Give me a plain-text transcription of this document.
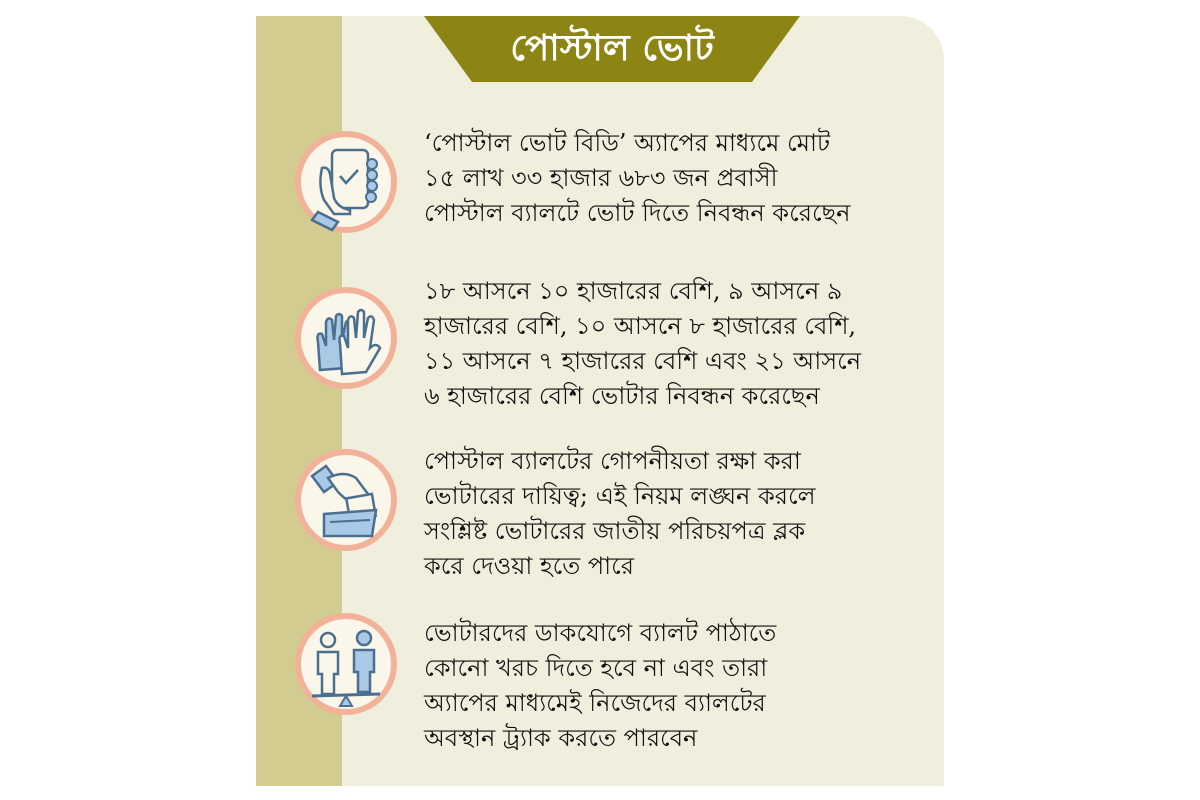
পোস্টাল ভোট
‘পোস্টাল ভোট বিডি’ অ্যাপের মাধ্যমে মোট
১৫ লাখ ৩৩ হাজার ৬৮৩ জন প্রবাসী
পোস্টাল ব্যালটে ভোট দিতে নিবন্ধন করেছেন
১৮ আসনে ১০ হাজারের বেশি, ৯ আসনে ৯
হাজারের বেশি, ১০ আসনে ৮ হাজারের বেশি,
১১ আসনে ৭ হাজারের বেশি এবং ২১ আসনে
৬ হাজারের বেশি ভোটার নিবন্ধন করেছেন
পোস্টাল ব্যালটের গোপনীয়তা রক্ষা করা
ভোটারের দায়িত্ব; এই নিয়ম লঙ্ঘন করলে
সংশ্লিষ্ট ভোটারের জাতীয় পরিচয়পত্র ব্লক
করে দেওয়া হতে পারে
ভোটারদের ডাকযোগে ব্যালট পাঠাতে
কোনো খরচ দিতে হবে না এবং তারা
অ্যাপের মাধ্যমেই নিজেদের ব্যালটের
অবস্থান ট্র্যাক করতে পারবেন
